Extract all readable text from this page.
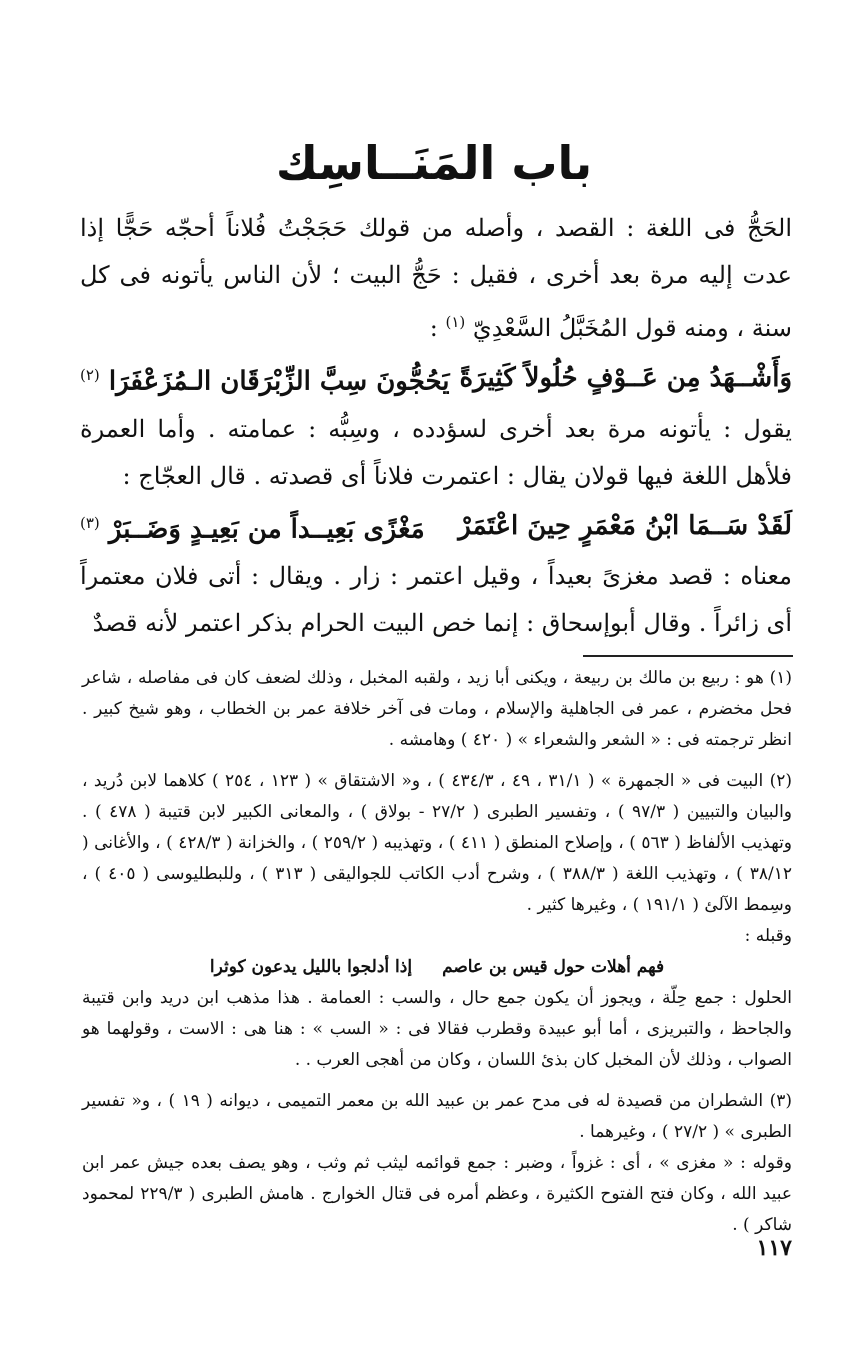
باب المَنَــاسِك

الحَجُّ فى اللغة : القصد ، وأصله من قولك حَجَجْتُ فُلاناً أحجّه حَجًّا إذا عدت إليه مرة بعد أخرى ، فقيل : حَجُّ البيت ؛ لأن الناس يأتونه فى كل سنة ، ومنه قول المُخَبَّلُ السَّعْدِيّ $^{(١)}$ :

وَأَشْــهَدُ مِن عَــوْفٍ حُلُولاً كَثِيرَةً
يَحُجُّونَ سِبَّ الزِّبْرَقَان الـمُزَعْفَرَا $^{(٢)}$

يقول : يأتونه مرة بعد أخرى لسؤدده ، وسِبُّه : عمامته . وأما العمرة فلأهل اللغة فيها قولان يقال : اعتمرت فلاناً أى قصدته . قال العجّاج :

لَقَدْ سَــمَا ابْنُ مَعْمَرٍ حِينَ اعْتَمَرْ
مَغْزًى بَعِيــداً من بَعِيـدٍ وَضَــبَرْ $^{(٣)}$

معناه : قصد مغزىً بعيداً ، وقيل اعتمر : زار . ويقال : أتى فلان معتمراً أى زائراً . وقال أبوإسحاق : إنما خص البيت الحرام بذكر اعتمر لأنه قصدٌ

(١) هو : ربيع بن مالك بن ربيعة ، ويكنى أبا زيد ، ولقبه المخبل ، وذلك لضعف كان فى مفاصله ، شاعر فحل مخضرم ، عمر فى الجاهلية والإسلام ، ومات فى آخر خلافة عمر بن الخطاب ، وهو شيخ كبير . انظر ترجمته فى : « الشعر والشعراء » ( ٤٢٠ ) وهامشه .

(٢) البيت فى « الجمهرة » ( ٣١/١ ، ٤٩ ، ٤٣٤/٣ ) ، و« الاشتقاق » ( ١٢٣ ، ٢٥٤ ) كلاهما لابن دُريد ، والبيان والتبيين ( ٩٧/٣ ) ، وتفسير الطبرى ( ٢٧/٢ - بولاق ) ، والمعانى الكبير لابن قتيبة ( ٤٧٨ ) . وتهذيب الألفاظ ( ٥٦٣ ) ، وإصلاح المنطق ( ٤١١ ) ، وتهذيبه ( ٢٥٩/٢ ) ، والخزانة ( ٤٢٨/٣ ) ، والأغانى ( ٣٨/١٢ ) ، وتهذيب اللغة ( ٣٨٨/٣ ) ، وشرح أدب الكاتب للجواليقى ( ٣١٣ ) ، وللبطليوسى ( ٤٠٥ ) ، وسِمط الآلئ ( ١٩١/١ ) ، وغيرها كثير .

وقبله :

فهم أهلات حول قيس بن عاصم
إذا أدلجوا بالليل يدعون كوثرا

الحلول : جمع حِلّة ، ويجوز أن يكون جمع حال ، والسب : العمامة . هذا مذهب ابن دريد وابن قتيبة والجاحظ ، والتبريزى ، أما أبو عبيدة وقطرب فقالا فى : « السب » : هنا هى : الاست ، وقولهما هو الصواب ، وذلك لأن المخبل كان بذئ اللسان ، وكان من أهجى العرب . .

(٣) الشطران من قصيدة له فى مدح عمر بن عبيد الله بن معمر التميمى ، ديوانه ( ١٩ ) ، و« تفسير الطبرى » ( ٢٧/٢ ) ، وغيرهما .

وقوله : « مغزى » ، أى : غزواً ، وضبر : جمع قوائمه ليثب ثم وثب ، وهو يصف بعده جيش عمر ابن عبيد الله ، وكان فتح الفتوح الكثيرة ، وعظم أمره فى قتال الخوارج . هامش الطبرى ( ٢٢٩/٣ لمحمود شاكر ) .

١١٧
